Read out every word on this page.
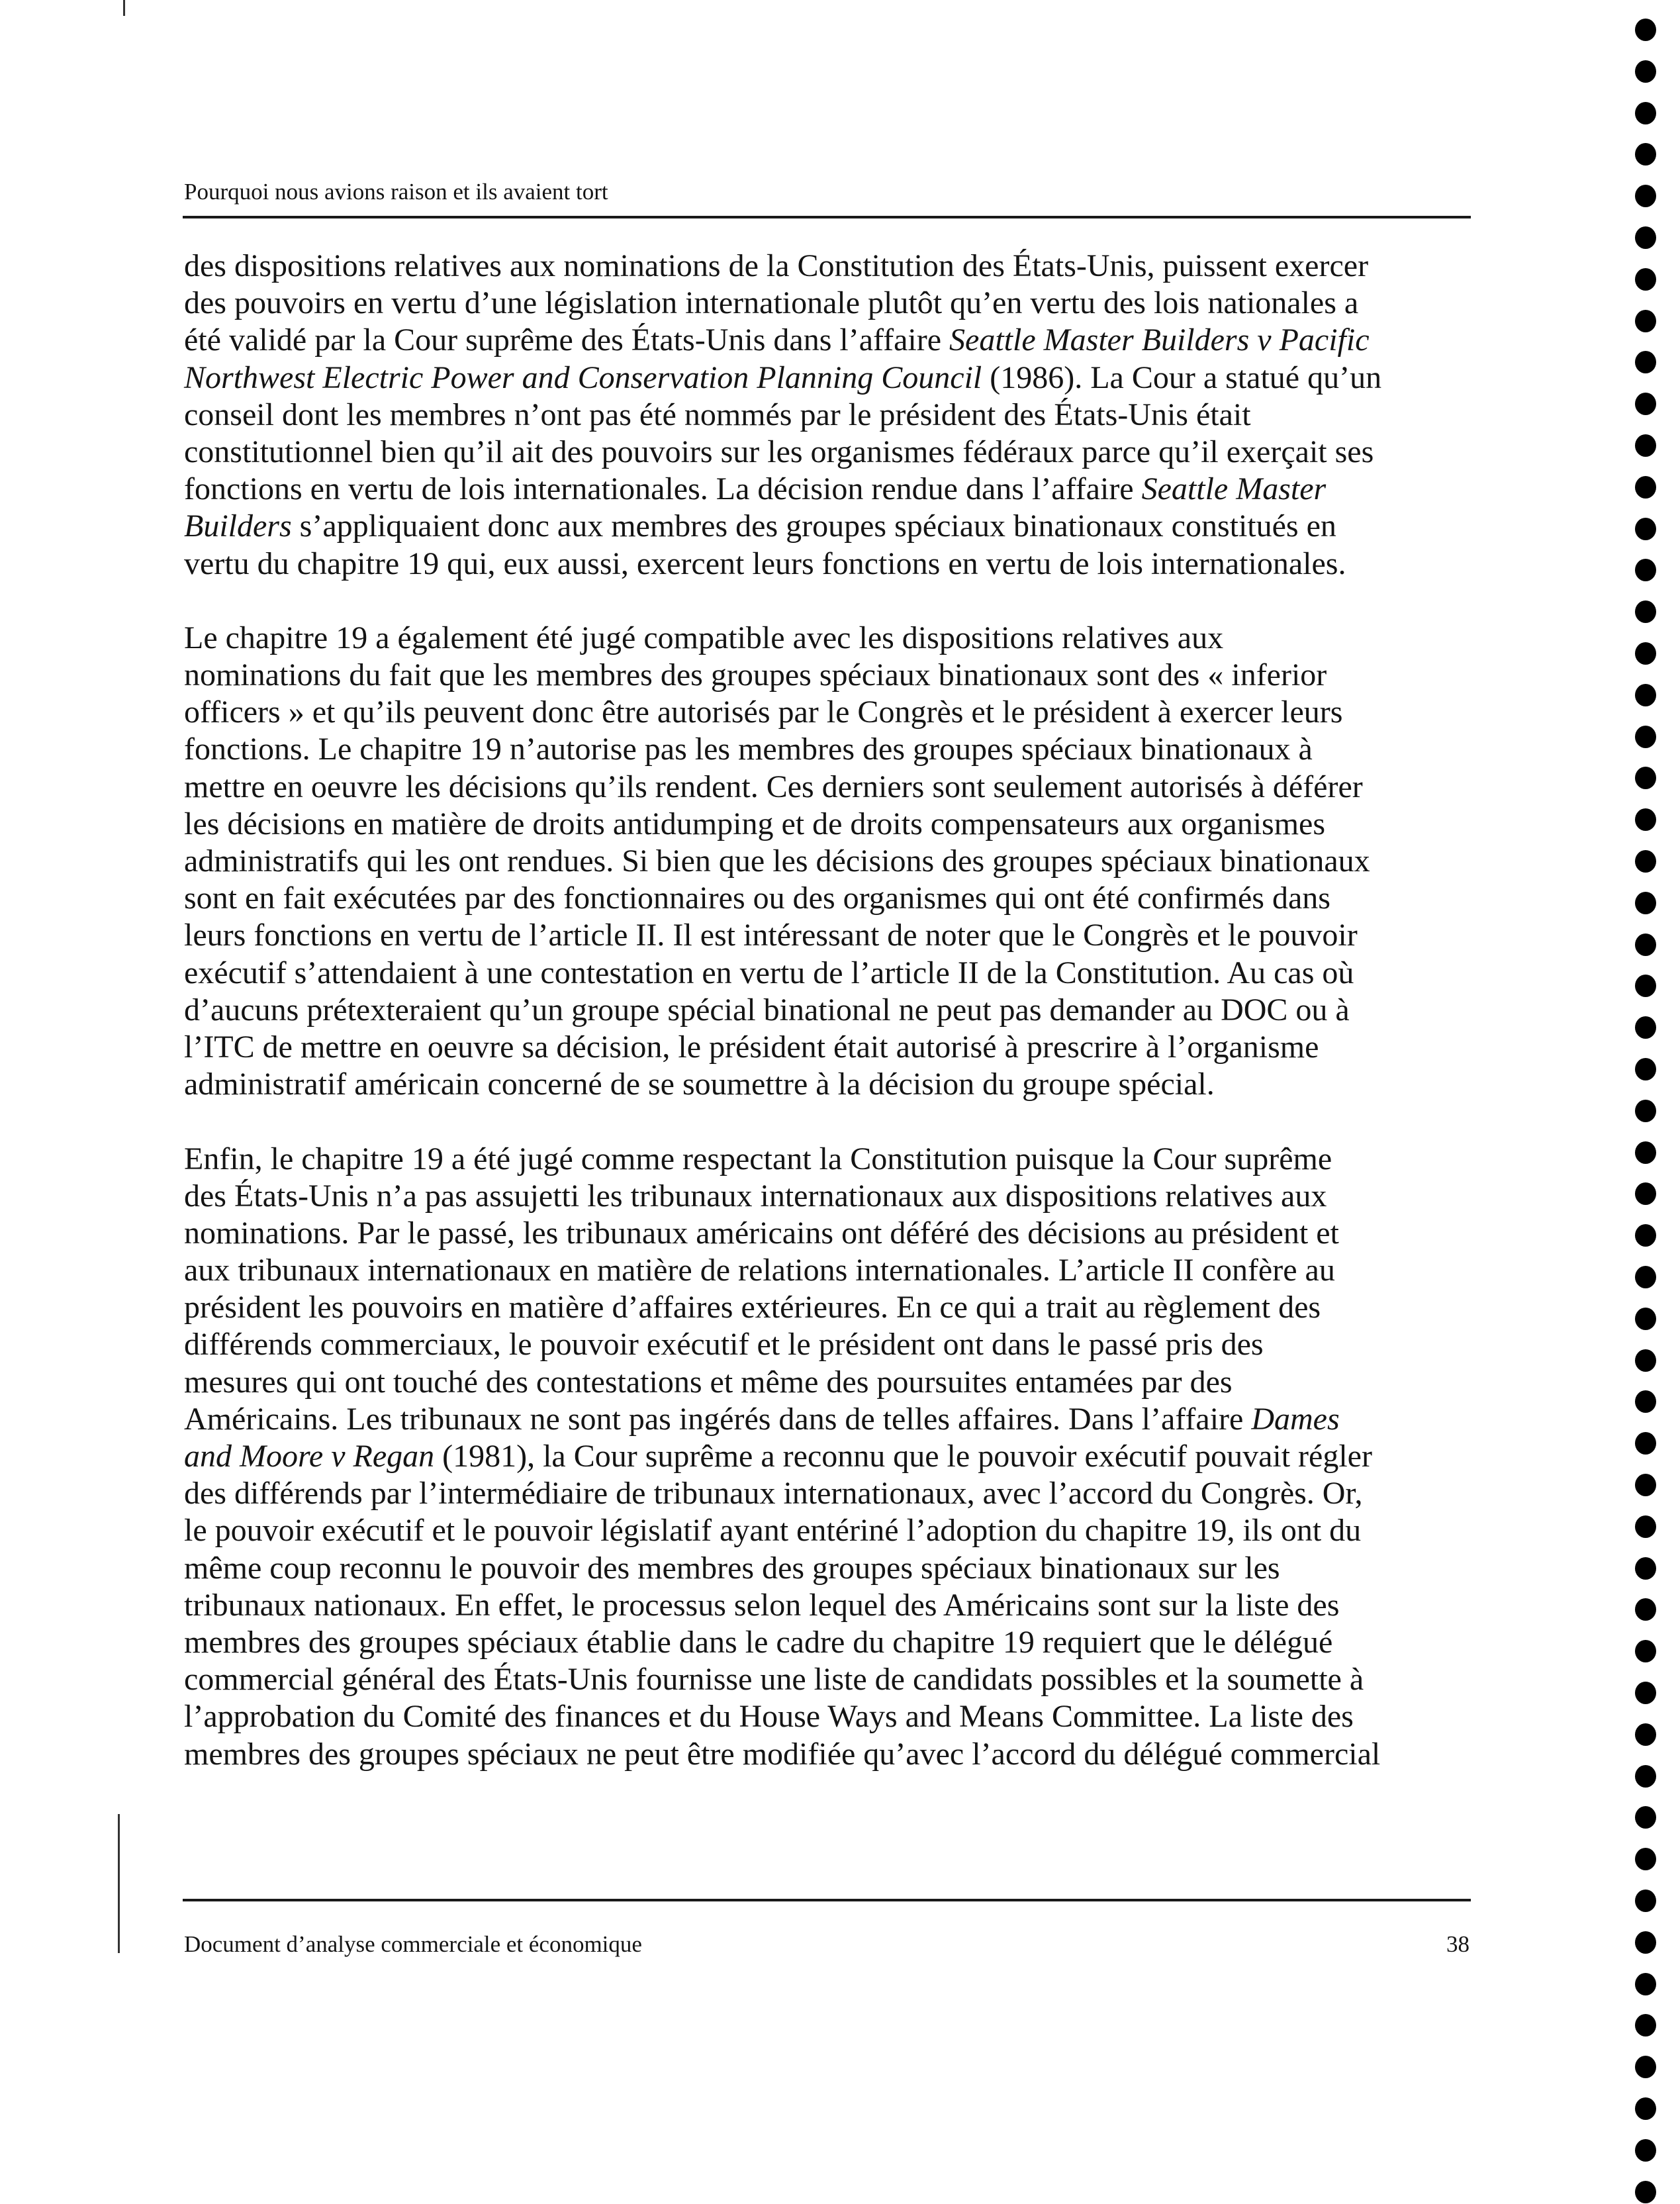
Pourquoi nous avions raison et ils avaient tort
des dispositions relatives aux nominations de la Constitution des États-Unis, puissent exercer
des pouvoirs en vertu d’une législation internationale plutôt qu’en vertu des lois nationales a
été validé par la Cour suprême des États-Unis dans l’affaire Seattle Master Builders v Pacific
Northwest Electric Power and Conservation Planning Council (1986). La Cour a statué qu’un
conseil dont les membres n’ont pas été nommés par le président des États-Unis était
constitutionnel bien qu’il ait des pouvoirs sur les organismes fédéraux parce qu’il exerçait ses
fonctions en vertu de lois internationales. La décision rendue dans l’affaire Seattle Master
Builders s’appliquaient donc aux membres des groupes spéciaux binationaux constitués en
vertu du chapitre 19 qui, eux aussi, exercent leurs fonctions en vertu de lois internationales.
Le chapitre 19 a également été jugé compatible avec les dispositions relatives aux
nominations du fait que les membres des groupes spéciaux binationaux sont des « inferior
officers » et qu’ils peuvent donc être autorisés par le Congrès et le président à exercer leurs
fonctions. Le chapitre 19 n’autorise pas les membres des groupes spéciaux binationaux à
mettre en oeuvre les décisions qu’ils rendent. Ces derniers sont seulement autorisés à déférer
les décisions en matière de droits antidumping et de droits compensateurs aux organismes
administratifs qui les ont rendues. Si bien que les décisions des groupes spéciaux binationaux
sont en fait exécutées par des fonctionnaires ou des organismes qui ont été confirmés dans
leurs fonctions en vertu de l’article II. Il est intéressant de noter que le Congrès et le pouvoir
exécutif s’attendaient à une contestation en vertu de l’article II de la Constitution. Au cas où
d’aucuns prétexteraient qu’un groupe spécial binational ne peut pas demander au DOC ou à
l’ITC de mettre en oeuvre sa décision, le président était autorisé à prescrire à l’organisme
administratif américain concerné de se soumettre à la décision du groupe spécial.
Enfin, le chapitre 19 a été jugé comme respectant la Constitution puisque la Cour suprême
des États-Unis n’a pas assujetti les tribunaux internationaux aux dispositions relatives aux
nominations. Par le passé, les tribunaux américains ont déféré des décisions au président et
aux tribunaux internationaux en matière de relations internationales. L’article II confère au
président les pouvoirs en matière d’affaires extérieures. En ce qui a trait au règlement des
différends commerciaux, le pouvoir exécutif et le président ont dans le passé pris des
mesures qui ont touché des contestations et même des poursuites entamées par des
Américains. Les tribunaux ne sont pas ingérés dans de telles affaires. Dans l’affaire Dames
and Moore v Regan (1981), la Cour suprême a reconnu que le pouvoir exécutif pouvait régler
des différends par l’intermédiaire de tribunaux internationaux, avec l’accord du Congrès. Or,
le pouvoir exécutif et le pouvoir législatif ayant entériné l’adoption du chapitre 19, ils ont du
même coup reconnu le pouvoir des membres des groupes spéciaux binationaux sur les
tribunaux nationaux. En effet, le processus selon lequel des Américains sont sur la liste des
membres des groupes spéciaux établie dans le cadre du chapitre 19 requiert que le délégué
commercial général des États-Unis fournisse une liste de candidats possibles et la soumette à
l’approbation du Comité des finances et du House Ways and Means Committee. La liste des
membres des groupes spéciaux ne peut être modifiée qu’avec l’accord du délégué commercial
Document d’analyse commerciale et économique	38
